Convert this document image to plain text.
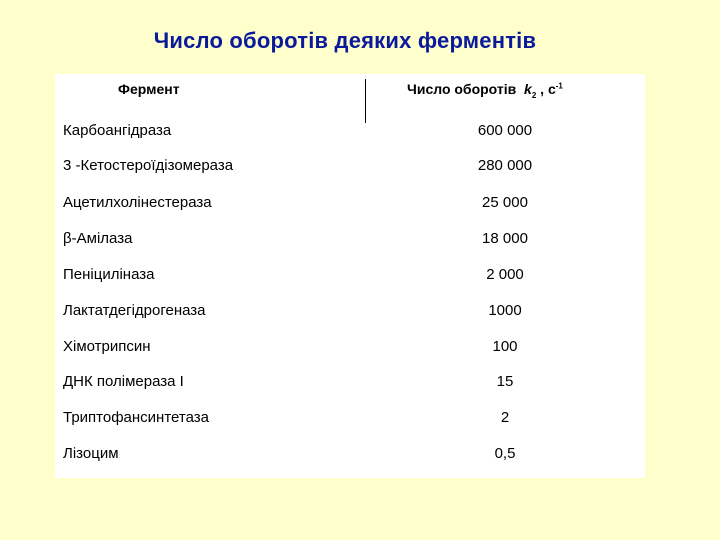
Число оборотів деяких ферментів
Фермент	Число оборотів $k_2$ , $с^{-1}$
Карбоангідраза	600 000
3 -Кетостероїдізомераза	280 000
Ацетилхолінестераза	25 000
β-Амілаза	18 000
Пеніциліназа	2 000
Лактатдегідрогеназа	1000
Хімотрипсин	100
ДНК полімераза I	15
Триптофансинтетаза	2
Лізоцим	0,5
